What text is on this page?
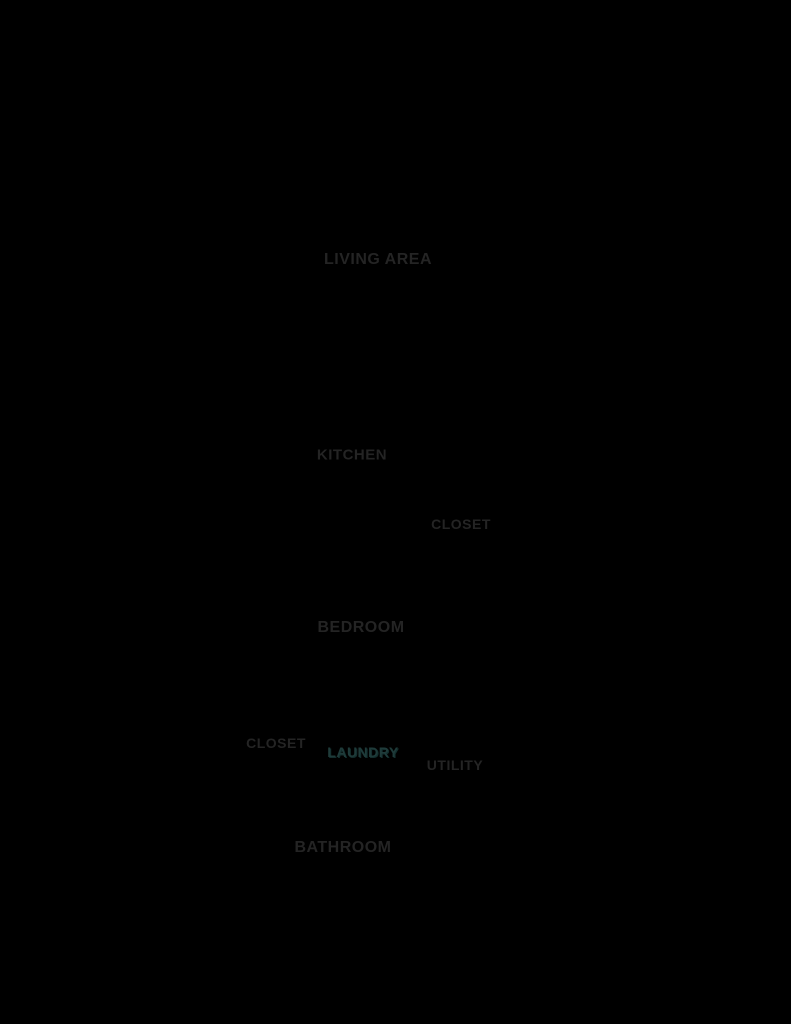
LIVING AREA
KITCHEN
CLOSET
BEDROOM
CLOSET
LAUNDRY
UTILITY
BATHROOM
